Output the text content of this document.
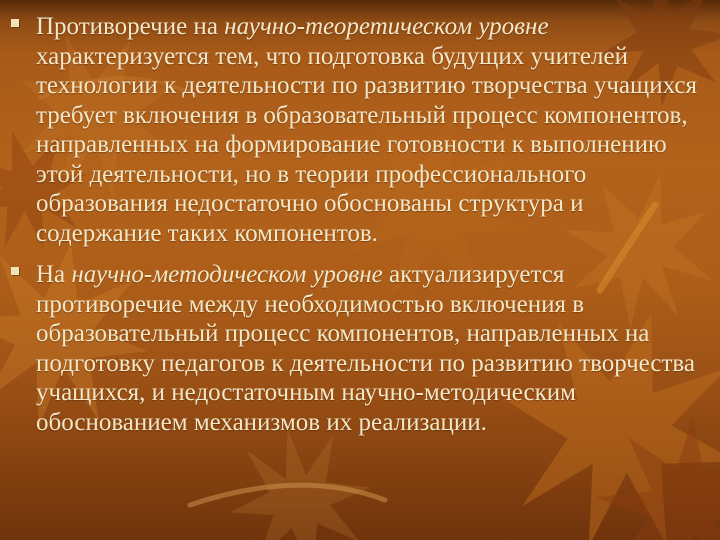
Противоречие на научно-теоретическом уровне характеризуется тем, что подготовка будущих учителей технологии к деятельности по развитию творчества учащихся требует включения в образовательный процесс компонентов, направленных на формирование готовности к выполнению этой деятельности, но в теории профессионального образования недостаточно обоснованы структура и содержание таких компонентов.
На научно-методическом уровне актуализируется противоречие между необходимостью включения в образовательный процесс компонентов, направленных на подготовку педагогов к деятельности по развитию творчества учащихся, и недостаточным научно-методическим обоснованием механизмов их реализации.
